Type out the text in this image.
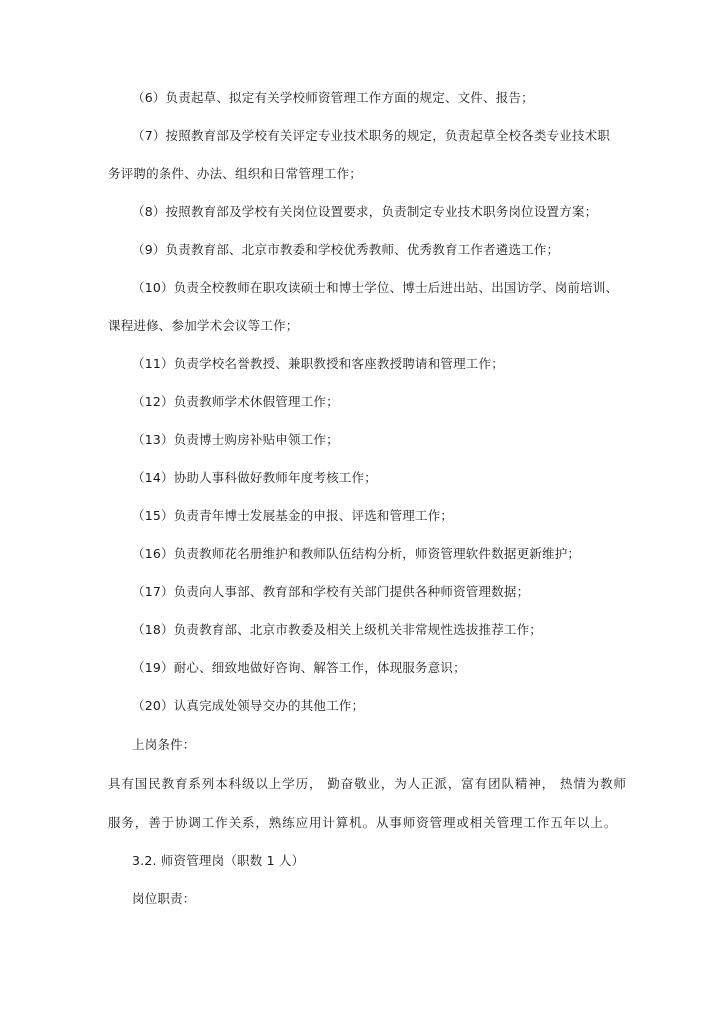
（6）负责起草、拟定有关学校师资管理工作方面的规定、文件、报告；
（7）按照教育部及学校有关评定专业技术职务的规定，负责起草全校各类专业技术职
务评聘的条件、办法、组织和日常管理工作；
（8）按照教育部及学校有关岗位设置要求，负责制定专业技术职务岗位设置方案；
（9）负责教育部、北京市教委和学校优秀教师、优秀教育工作者遴选工作；
（10）负责全校教师在职攻读硕士和博士学位、博士后进出站、出国访学、岗前培训、
课程进修、参加学术会议等工作；
（11）负责学校名誉教授、兼职教授和客座教授聘请和管理工作；
（12）负责教师学术休假管理工作；
（13）负责博士购房补贴申领工作；
（14）协助人事科做好教师年度考核工作；
（15）负责青年博士发展基金的申报、评选和管理工作；
（16）负责教师花名册维护和教师队伍结构分析，师资管理软件数据更新维护；
（17）负责向人事部、教育部和学校有关部门提供各种师资管理数据；
（18）负责教育部、北京市教委及相关上级机关非常规性选拔推荐工作；
（19）耐心、细致地做好咨询、解答工作，体现服务意识；
（20）认真完成处领导交办的其他工作；
上岗条件：
具有国民教育系列本科级以上学历， 勤奋敬业，为人正派，富有团队精神， 热情为教师
服务，善于协调工作关系，熟练应用计算机。从事师资管理或相关管理工作五年以上。
3.2. 师资管理岗（职数 1 人）
岗位职责：
